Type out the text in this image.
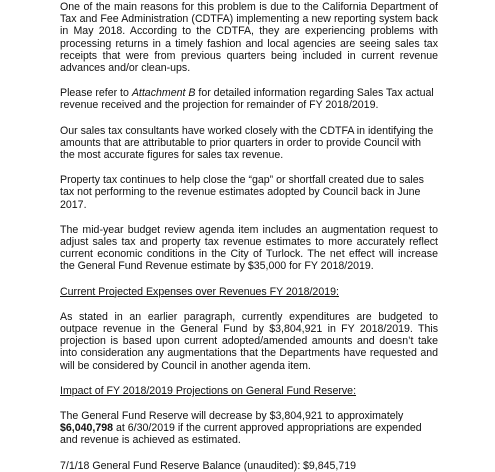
One of the main reasons for this problem is due to the California Department of Tax and Fee Administration (CDTFA) implementing a new reporting system back in May 2018. According to the CDTFA, they are experiencing problems with processing returns in a timely fashion and local agencies are seeing sales tax receipts that were from previous quarters being included in current revenue advances and/or clean-ups.

Please refer to Attachment B for detailed information regarding Sales Tax actual revenue received and the projection for remainder of FY 2018/2019.

Our sales tax consultants have worked closely with the CDTFA in identifying the amounts that are attributable to prior quarters in order to provide Council with the most accurate figures for sales tax revenue.

Property tax continues to help close the “gap” or shortfall created due to sales tax not performing to the revenue estimates adopted by Council back in June 2017.

The mid-year budget review agenda item includes an augmentation request to adjust sales tax and property tax revenue estimates to more accurately reflect current economic conditions in the City of Turlock. The net effect will increase the General Fund Revenue estimate by $35,000 for FY 2018/2019.

Current Projected Expenses over Revenues FY 2018/2019:

As stated in an earlier paragraph, currently expenditures are budgeted to outpace revenue in the General Fund by $3,804,921 in FY 2018/2019. This projection is based upon current adopted/amended amounts and doesn’t take into consideration any augmentations that the Departments have requested and will be considered by Council in another agenda item.

Impact of FY 2018/2019 Projections on General Fund Reserve:

The General Fund Reserve will decrease by $3,804,921 to approximately $6,040,798 at 6/30/2019 if the current approved appropriations are expended and revenue is achieved as estimated.

7/1/18 General Fund Reserve Balance (unaudited): $9,845,719
